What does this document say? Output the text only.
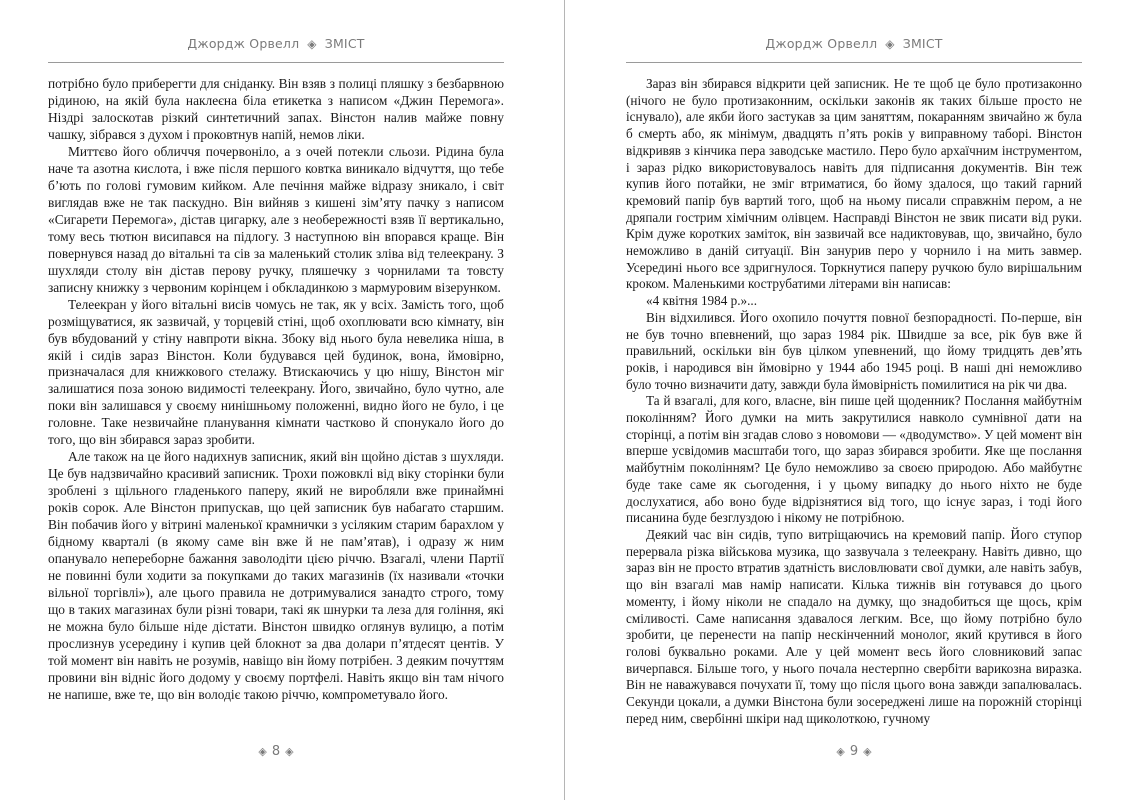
Джордж Орвелл ◈ ЗМІСТ

потрібно було приберегти для сніданку. Він взяв з полиці пляшку з безбарвною рідиною, на якій була наклеєна біла етикетка з написом «Джин Перемога». Ніздрі залоскотав різкий синтетичний запах. Вінстон налив майже повну чашку, зібрався з духом і проковтнув напій, немов ліки.

Миттєво його обличчя почервоніло, а з очей потекли сльози. Рідина була наче та азотна кислота, і вже після першого ковтка виникало відчуття, що тебе б’ють по голові гумовим кийком. Але печіння майже відразу зникало, і світ виглядав вже не так паскудно. Він вийняв з кишені зім’яту пачку з написом «Сигарети Перемога», дістав цигарку, але з необережності взяв її вертикально, тому весь тютюн висипався на підлогу. З наступною він впорався краще. Він повернувся назад до вітальні та сів за маленький столик зліва від телеекрану. З шухляди столу він дістав перову ручку, пляшечку з чорнилами та товсту записну книжку з червоним корінцем і обкладинкою з мармуровим візерунком.

Телеекран у його вітальні висів чомусь не так, як у всіх. Замість того, щоб розміщуватися, як зазвичай, у торцевій стіні, щоб охоплювати всю кімнату, він був вбудований у стіну навпроти вікна. Збоку від нього була невелика ніша, в якій і сидів зараз Вінстон. Коли будувався цей будинок, вона, ймовірно, призначалася для книжкового стелажу. Втискаючись у цю нішу, Вінстон міг залишатися поза зоною видимості телеекрану. Його, звичайно, було чутно, але поки він залишався у своєму нинішньому положенні, видно його не було, і це головне. Таке незвичайне планування кімнати частково й спонукало його до того, що він збирався зараз зробити.

Але також на це його надихнув записник, який він щойно дістав з шухляди. Це був надзвичайно красивий записник. Трохи пожовклі від віку сторінки були зроблені з щільного гладенького паперу, який не виробляли вже принаймні років сорок. Але Вінстон припускав, що цей записник був набагато старшим. Він побачив його у вітрині маленької крамнички з усіляким старим барахлом у бідному кварталі (в якому саме він вже й не пам’ятав), і одразу ж ним опанувало непереборне бажання заволодіти цією річчю. Взагалі, члени Партії не повинні були ходити за покупками до таких магазинів (їх називали «точки вільної торгівлі»), але цього правила не дотримувалися занадто строго, тому що в таких магазинах були різні товари, такі як шнурки та леза для гоління, які не можна було більше ніде дістати. Вінстон швидко оглянув вулицю, а потім прослизнув усередину і купив цей блокнот за два долари п’ятдесят центів. У той момент він навіть не розумів, навіщо він йому потрібен. З деяким почуттям провини він відніс його додому у своєму портфелі. Навіть якщо він там нічого не напише, вже те, що він володіє такою річчю, компрометувало його.

◈ 8 ◈
Джордж Орвелл ◈ ЗМІСТ

Зараз він збирався відкрити цей записник. Не те щоб це було протизаконно (нічого не було протизаконним, оскільки законів як таких більше просто не існувало), але якби його застукав за цим заняттям, покаранням звичайно ж була б смерть або, як мінімум, двадцять п’ять років у виправному таборі. Вінстон відкривяв з кінчика пера заводське мастило. Перо було архаїчним інструментом, і зараз рідко використовувалось навіть для підписання документів. Він теж купив його потайки, не зміг втриматися, бо йому здалося, що такий гарний кремовий папір був вартий того, щоб на ньому писали справжнім пером, а не дряпали гострим хімічним олівцем. Насправді Вінстон не звик писати від руки. Крім дуже коротких заміток, він зазвичай все надиктовував, що, звичайно, було неможливо в даній ситуації. Він занурив перо у чорнило і на мить завмер. Усередині нього все здригнулося. Торкнутися паперу ручкою було вирішальним кроком. Маленькими кострубатими літерами він написав:

«4 квітня 1984 р.»...

Він відхилився. Його охопило почуття повної безпорадності. По-перше, він не був точно впевнений, що зараз 1984 рік. Швидше за все, рік був вже й правильний, оскільки він був цілком упевнений, що йому тридцять дев’ять років, і народився він ймовірно у 1944 або 1945 році. В наші дні неможливо було точно визначити дату, завжди була ймовірність помилитися на рік чи два.

Та й взагалі, для кого, власне, він пише цей щоденник? Послання майбутнім поколінням? Його думки на мить закрутилися навколо сумнівної дати на сторінці, а потім він згадав слово з новомови — «дводумство». У цей момент він вперше усвідомив масштаби того, що зараз збирався зробити. Яке ще послання майбутнім поколінням? Це було неможливо за своєю природою. Або майбутнє буде таке саме як сьогодення, і у цьому випадку до нього ніхто не буде дослухатися, або воно буде відрізнятися від того, що існує зараз, і тоді його писанина буде безглуздою і нікому не потрібною.

Деякий час він сидів, тупо витріщаючись на кремовий папір. Його ступор перервала різка військова музика, що зазвучала з телеекрану. Навіть дивно, що зараз він не просто втратив здатність висловлювати свої думки, але навіть забув, що він взагалі мав намір написати. Кілька тижнів він готувався до цього моменту, і йому ніколи не спадало на думку, що знадобиться ще щось, крім сміливості. Саме написання здавалося легким. Все, що йому потрібно було зробити, це перенести на папір нескінченний монолог, який крутився в його голові буквально роками. Але у цей момент весь його словниковий запас вичерпався. Більше того, у нього почала нестерпно свербіти варикозна виразка. Він не наважувався почухати її, тому що після цього вона завжди запалювалась. Секунди цокали, а думки Вінстона були зосереджені лише на порожній сторінці перед ним, свербінні шкіри над щиколоткою, гучному

◈ 9 ◈
